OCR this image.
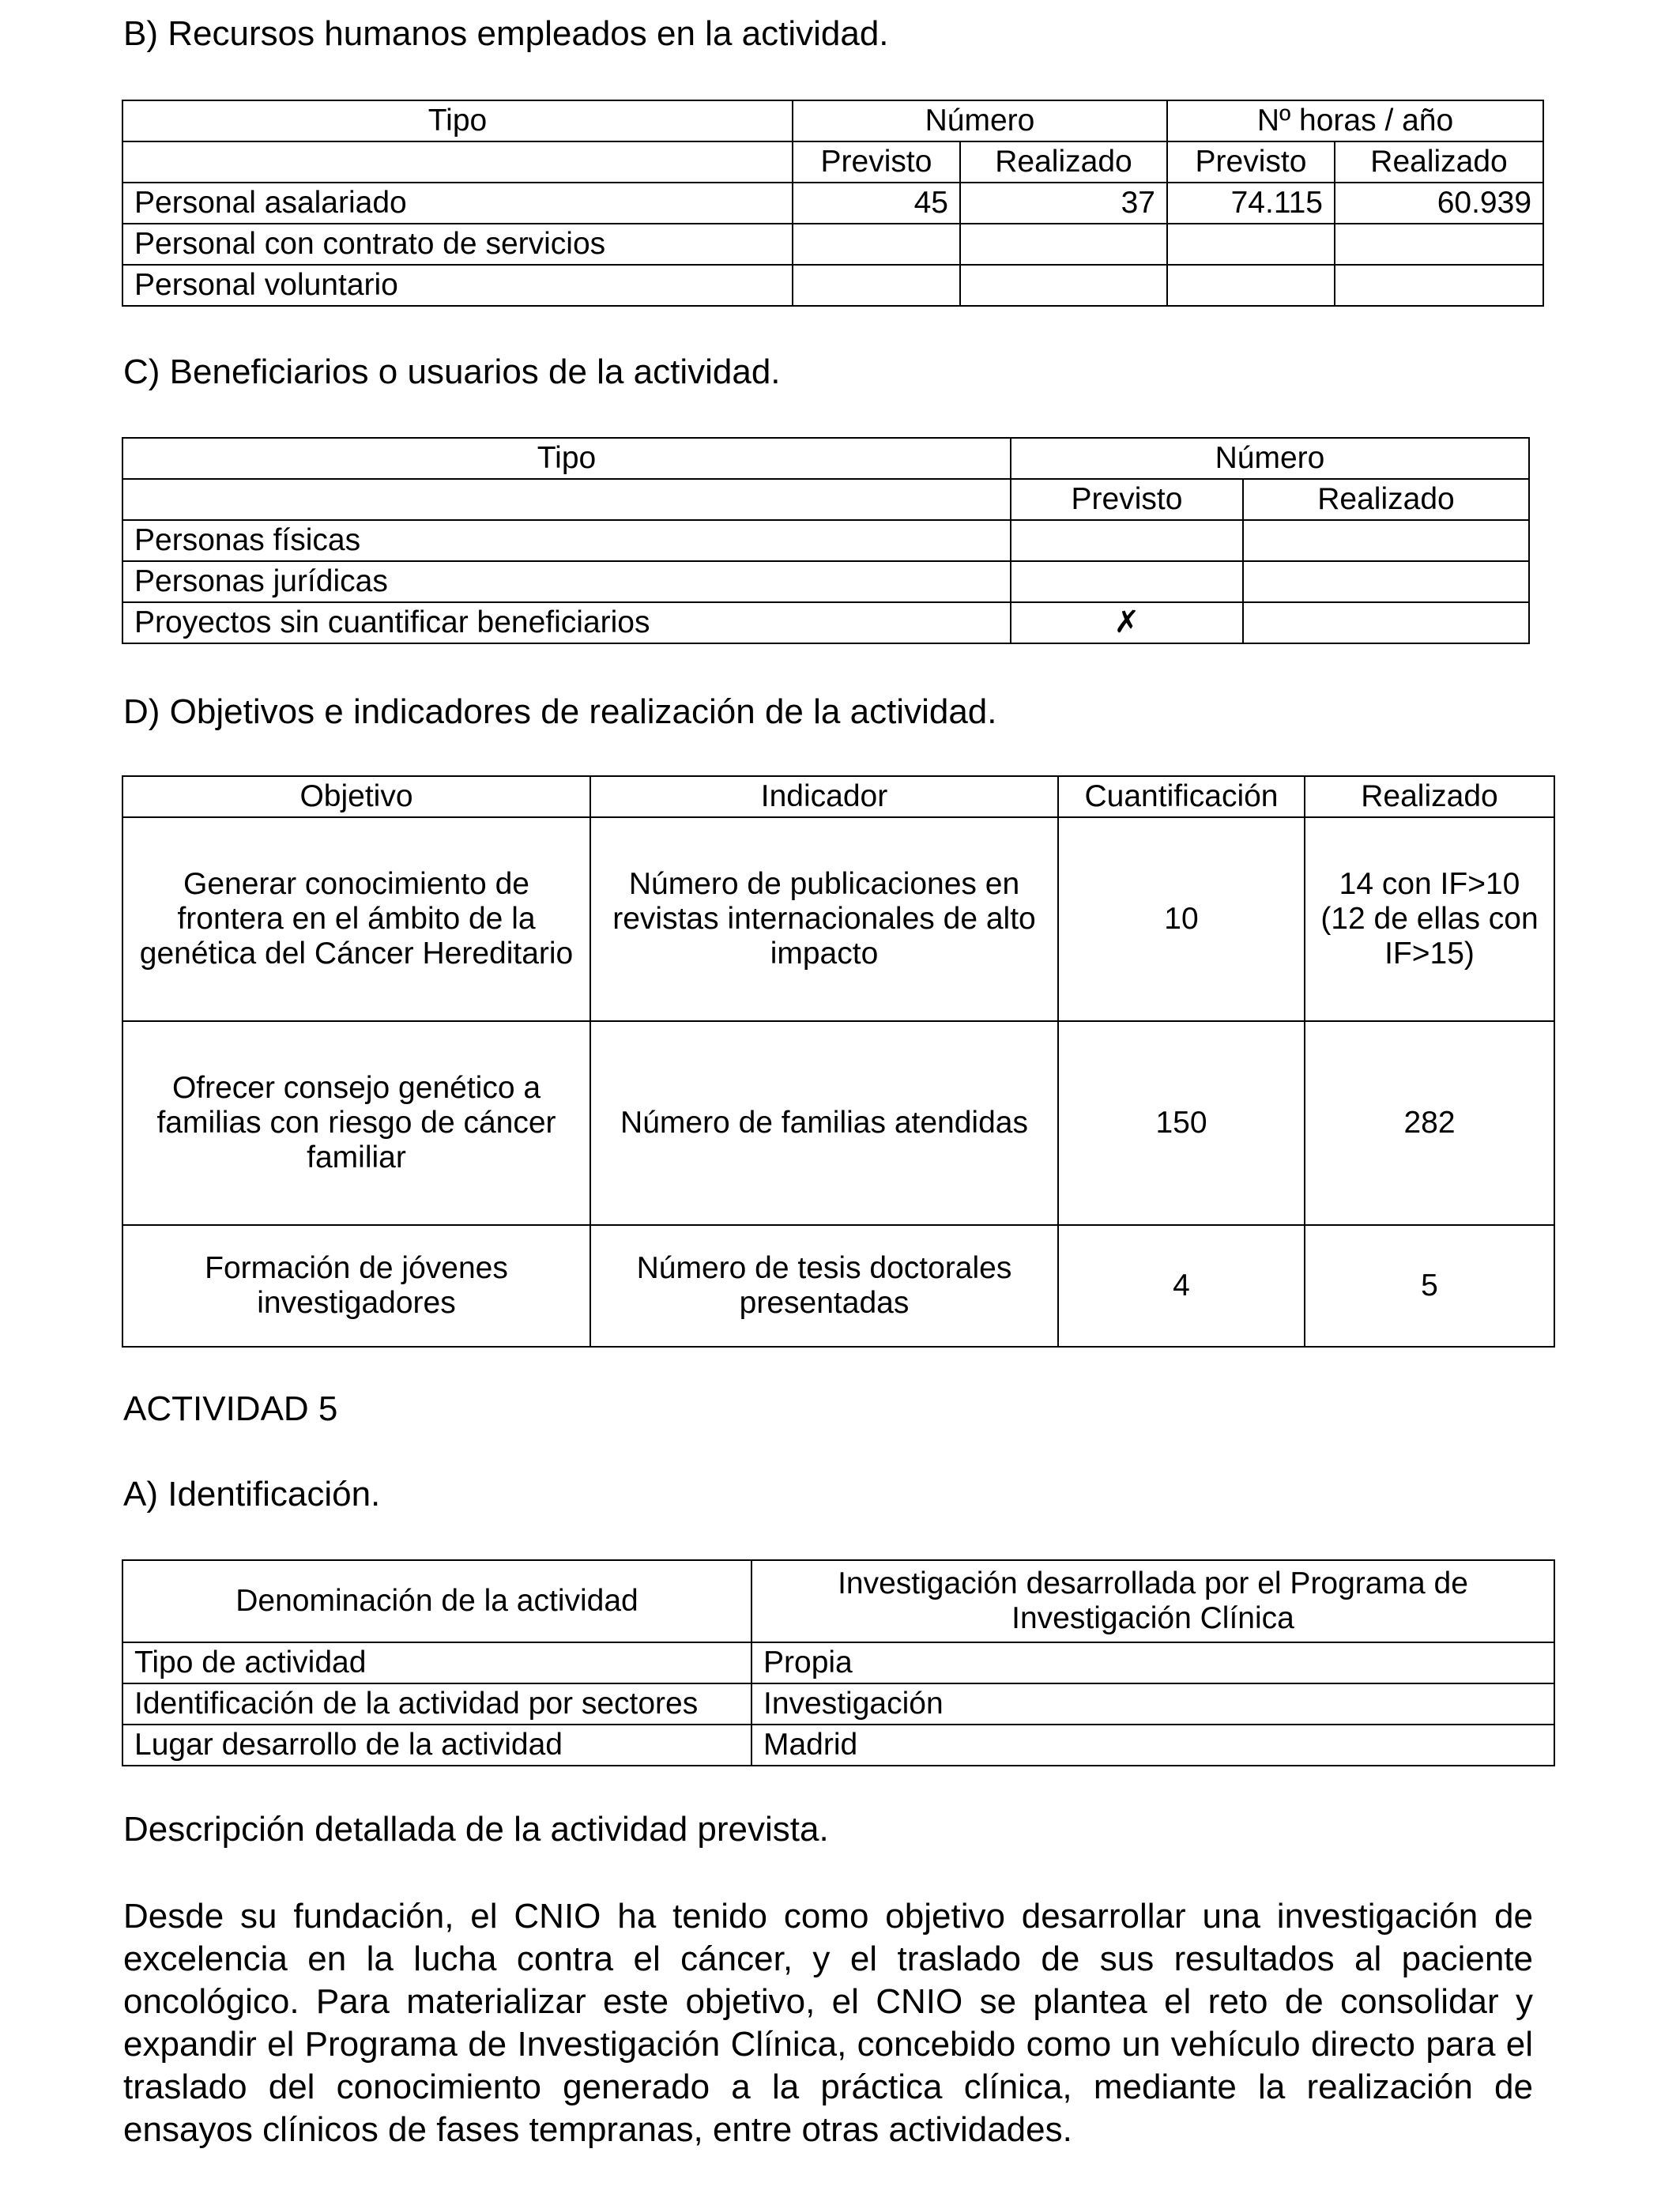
B) Recursos humanos empleados en la actividad.
Tipo	Número		Nº horas / año	
	Previsto	Realizado	Previsto	Realizado
Personal asalariado	45	37	74.115	60.939
Personal con contrato de servicios				
Personal voluntario				
C) Beneficiarios o usuarios de la actividad.
Tipo	Número	
	Previsto	Realizado
Personas físicas		
Personas jurídicas		
Proyectos sin cuantificar beneficiarios	✗	
D) Objetivos e indicadores de realización de la actividad.
Objetivo	Indicador	Cuantificación	Realizado
Generar conocimiento de frontera en el ámbito de la genética del Cáncer Hereditario	Número de publicaciones en revistas internacionales de alto impacto	10	14 con IF>10 (12 de ellas con IF>15)
Ofrecer consejo genético a familias con riesgo de cáncer familiar	Número de familias atendidas	150	282
Formación de jóvenes investigadores	Número de tesis doctorales presentadas	4	5
ACTIVIDAD 5
A) Identificación.
Denominación de la actividad	Investigación desarrollada por el Programa de Investigación Clínica
Tipo de actividad	Propia
Identificación de la actividad por sectores	Investigación
Lugar desarrollo de la actividad	Madrid
Descripción detallada de la actividad prevista.
Desde su fundación, el CNIO ha tenido como objetivo desarrollar una investigación de excelencia en la lucha contra el cáncer, y el traslado de sus resultados al paciente oncológico. Para materializar este objetivo, el CNIO se plantea el reto de consolidar y expandir el Programa de Investigación Clínica, concebido como un vehículo directo para el traslado del conocimiento generado a la práctica clínica, mediante la realización de ensayos clínicos de fases tempranas, entre otras actividades.
